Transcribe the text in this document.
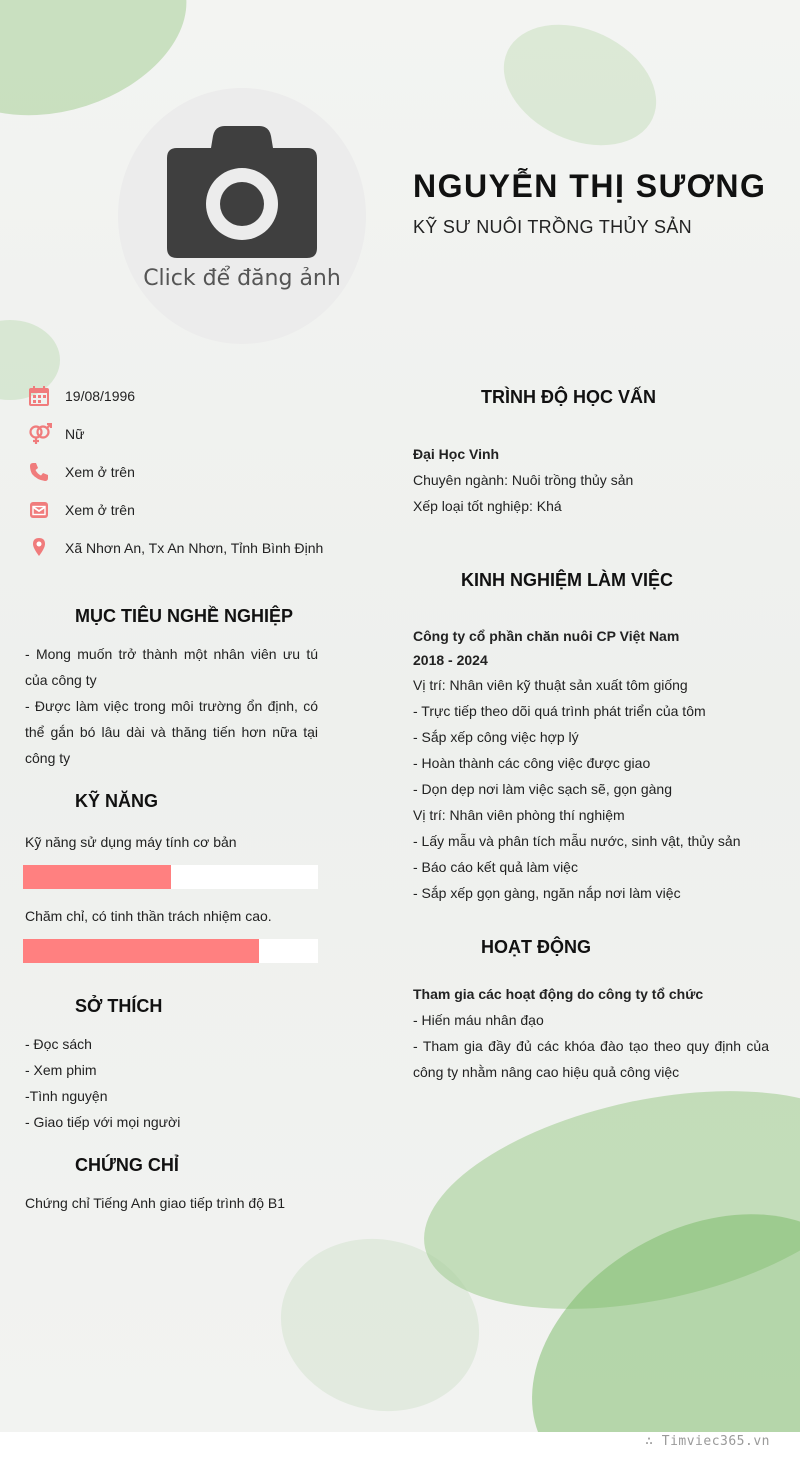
Click để đăng ảnh
NGUYỄN THỊ SƯƠNG
KỸ SƯ NUÔI TRỒNG THỦY SẢN
19/08/1996
Nữ
Xem ở trên
Xem ở trên
Xã Nhơn An, Tx An Nhơn, Tỉnh Bình Định
MỤC TIÊU NGHỀ NGHIỆP
- Mong muốn trở thành một nhân viên ưu tú của công ty
- Được làm việc trong môi trường ổn định, có thể gắn bó lâu dài và thăng tiến hơn nữa tại công ty
KỸ NĂNG
Kỹ năng sử dụng máy tính cơ bản
Chăm chỉ, có tinh thần trách nhiệm cao.
SỞ THÍCH
- Đọc sách
- Xem phim
-Tình nguyện
- Giao tiếp với mọi người
CHỨNG CHỈ
Chứng chỉ Tiếng Anh giao tiếp trình độ B1
TRÌNH ĐỘ HỌC VẤN
Đại Học Vinh
Chuyên ngành: Nuôi trồng thủy sản
Xếp loại tốt nghiệp: Khá
KINH NGHIỆM LÀM VIỆC
Công ty cổ phần chăn nuôi CP Việt Nam
2018 - 2024
Vị trí: Nhân viên kỹ thuật sản xuất tôm giống
- Trực tiếp theo dõi quá trình phát triển của tôm
- Sắp xếp công việc hợp lý
- Hoàn thành các công việc được giao
- Dọn dẹp nơi làm việc sạch sẽ, gọn gàng
Vị trí: Nhân viên phòng thí nghiệm
- Lấy mẫu và phân tích mẫu nước, sinh vật, thủy sản
- Báo cáo kết quả làm việc
- Sắp xếp gọn gàng, ngăn nắp nơi làm việc
HOẠT ĐỘNG
Tham gia các hoạt động do công ty tổ chức
- Hiến máu nhân đạo
- Tham gia đầy đủ các khóa đào tạo theo quy định của công ty nhằm nâng cao hiệu quả công việc
∴ Timviec365.vn
